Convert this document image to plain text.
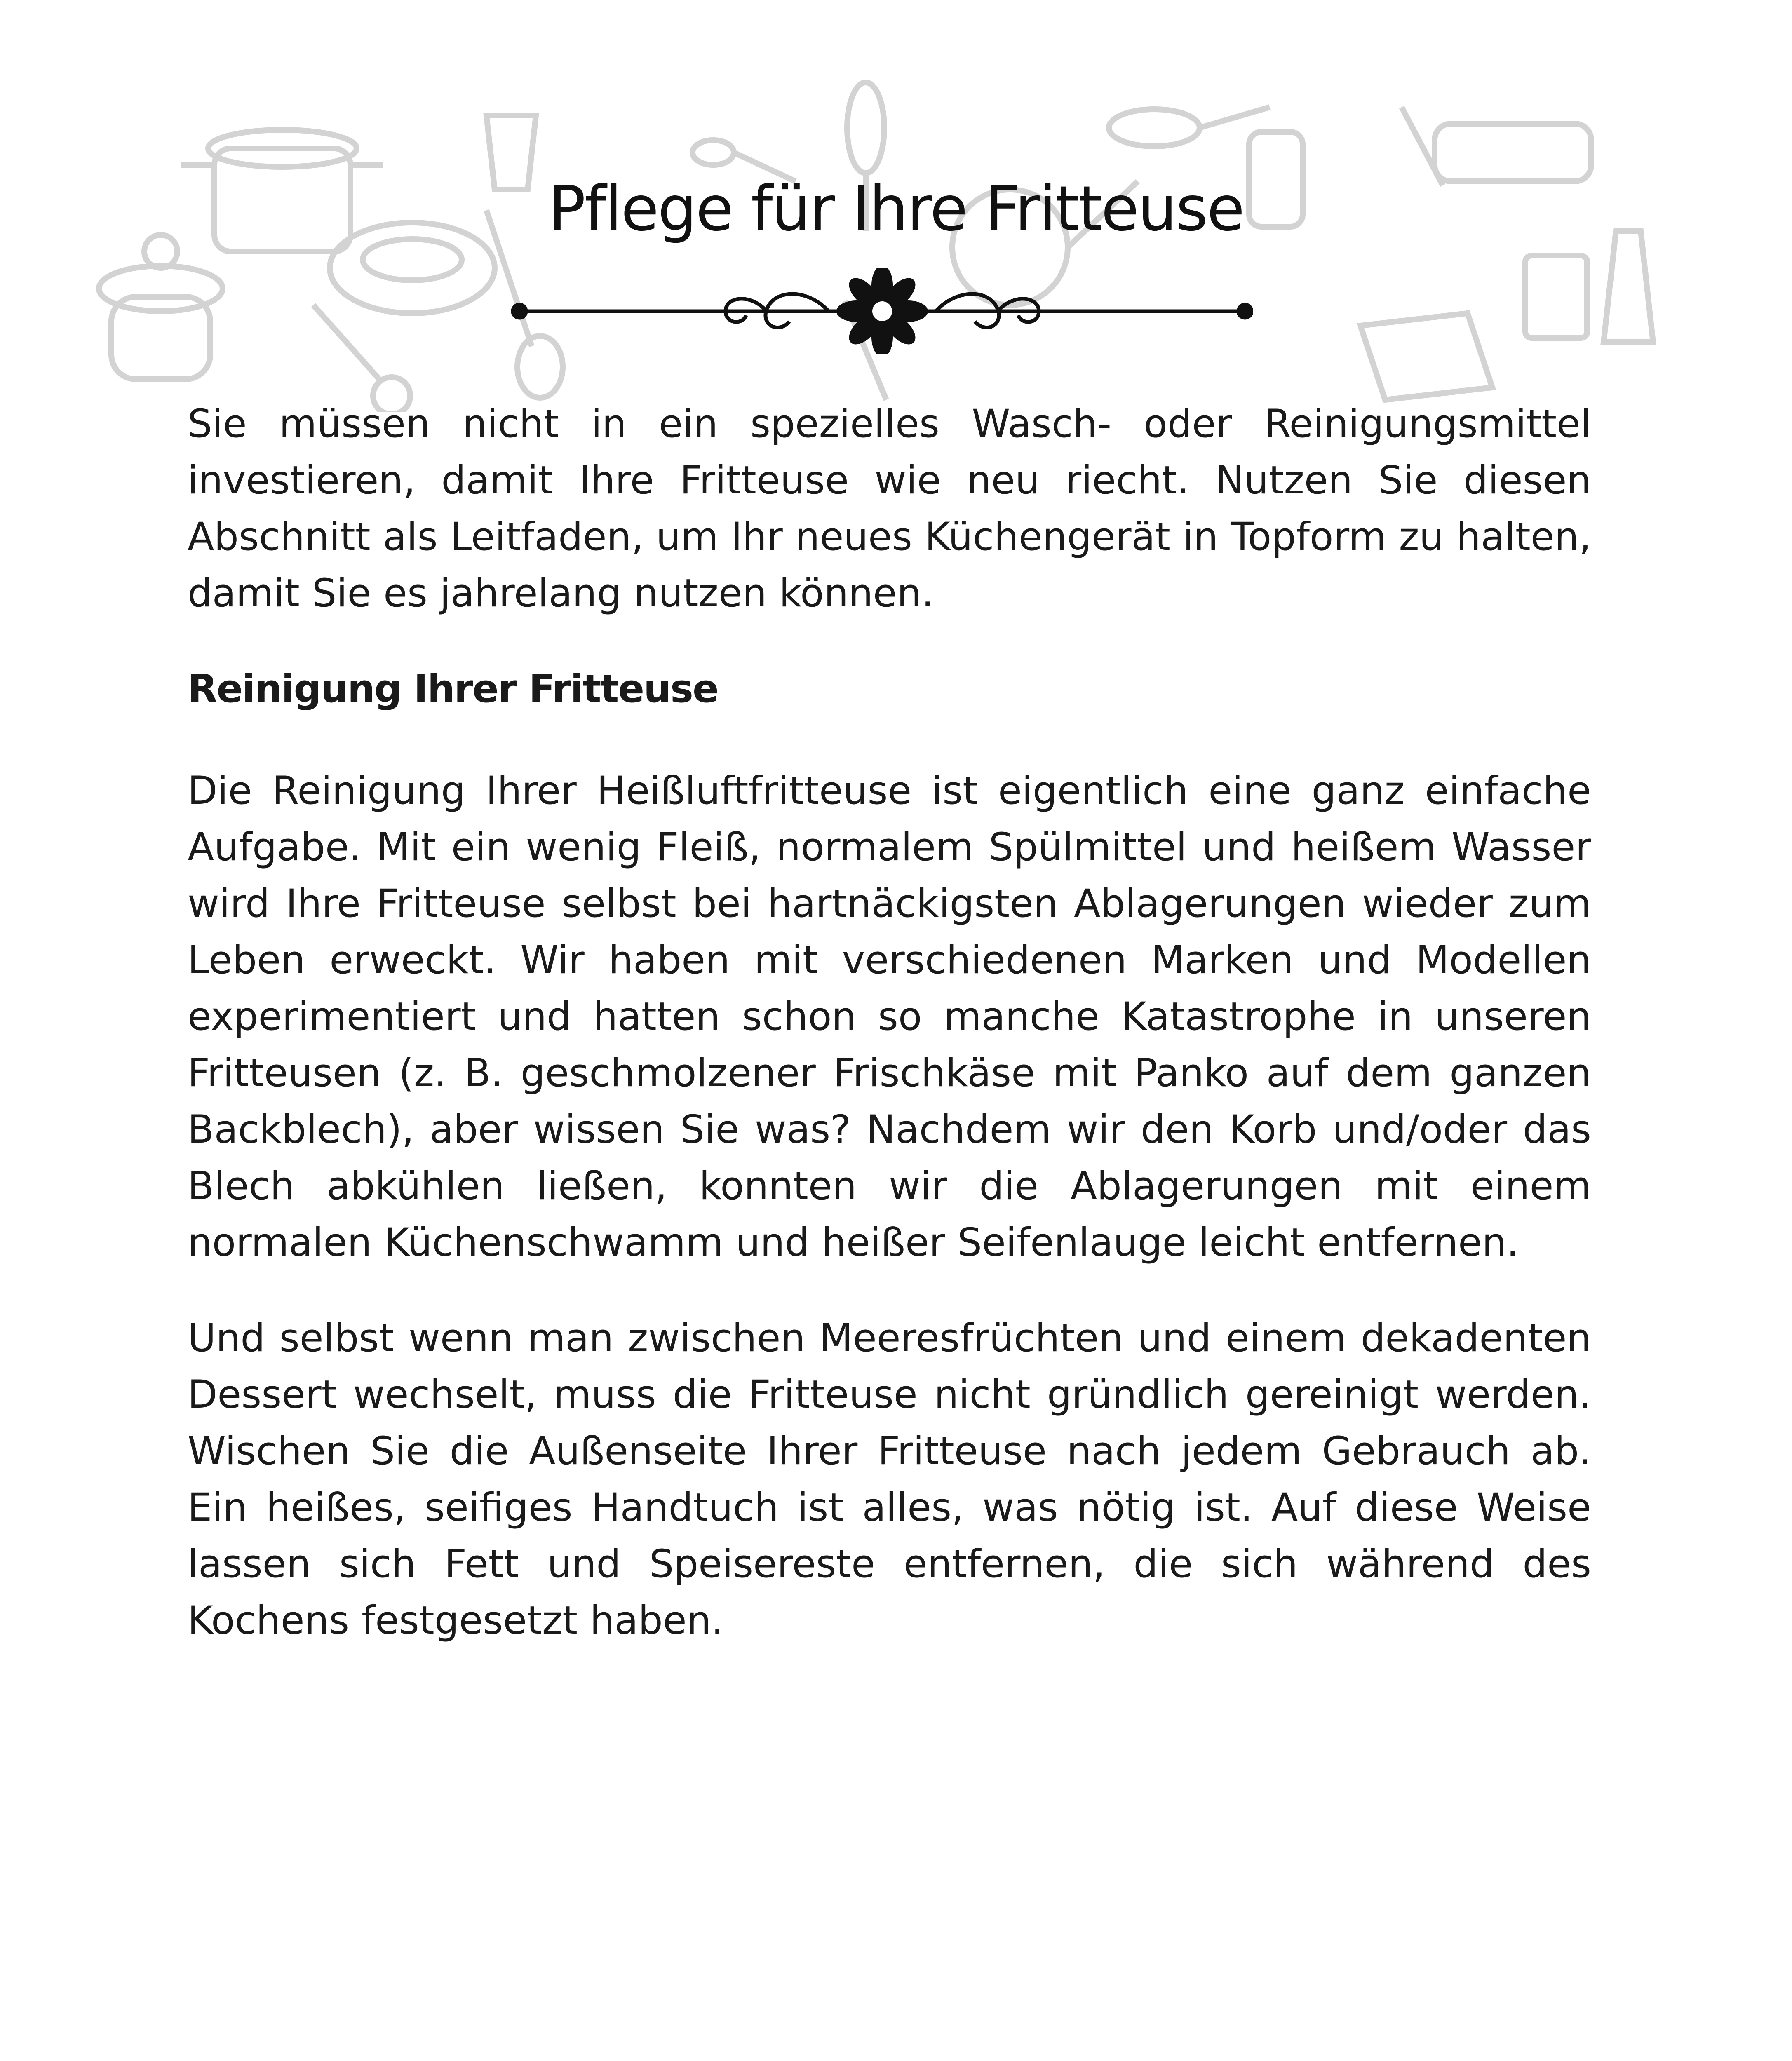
Pflege für Ihre Fritteuse

Sie müssen nicht in ein spezielles Wasch- oder Reinigungsmittel investieren, damit Ihre Fritteuse wie neu riecht. Nutzen Sie diesen Abschnitt als Leitfaden, um Ihr neues Küchengerät in Topform zu halten, damit Sie es jahrelang nutzen können.

Reinigung Ihrer Fritteuse

Die Reinigung Ihrer Heißluftfritteuse ist eigentlich eine ganz einfache Aufgabe. Mit ein wenig Fleiß, normalem Spülmittel und heißem Wasser wird Ihre Fritteuse selbst bei hartnäckigsten Ablagerungen wieder zum Leben erweckt. Wir haben mit verschiedenen Marken und Modellen experimentiert und hatten schon so manche Katastrophe in unseren Fritteusen (z. B. geschmolzener Frischkäse mit Panko auf dem ganzen Backblech), aber wissen Sie was? Nachdem wir den Korb und/oder das Blech abkühlen ließen, konnten wir die Ablagerungen mit einem normalen Küchenschwamm und heißer Seifenlauge leicht entfernen.

Und selbst wenn man zwischen Meeresfrüchten und einem dekadenten Dessert wechselt, muss die Fritteuse nicht gründlich gereinigt werden. Wischen Sie die Außenseite Ihrer Fritteuse nach jedem Gebrauch ab. Ein heißes, seifiges Handtuch ist alles, was nötig ist. Auf diese Weise lassen sich Fett und Speisereste entfernen, die sich während des Kochens festgesetzt haben.
